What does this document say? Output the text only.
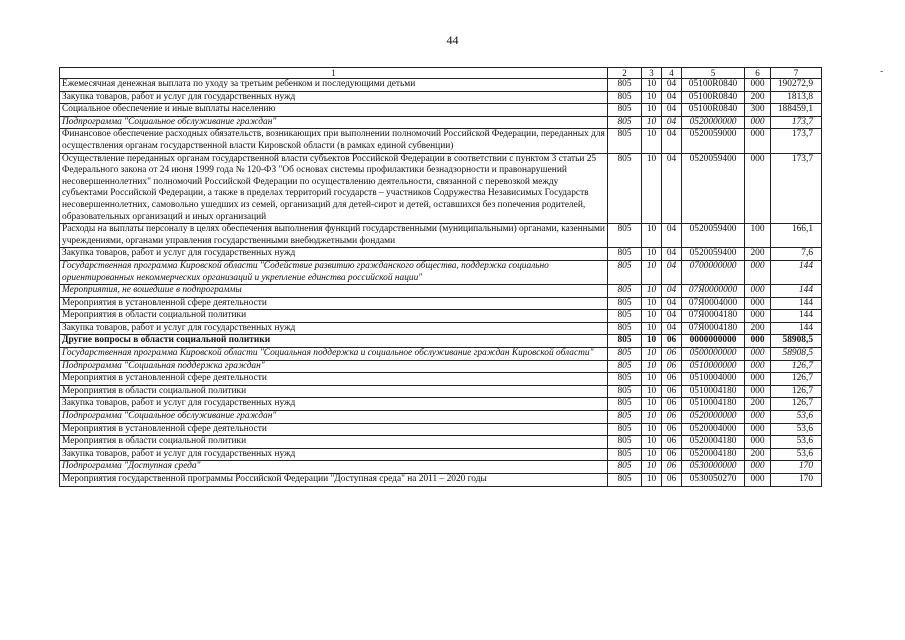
44
-
1	2	3	4	5	6	7
Ежемесячная денежная выплата по уходу за третьим ребенком и последующими детьми	805	10	04	05100R0840	000	190272,9
Закупка товаров, работ и услуг для государственных нужд	805	10	04	05100R0840	200	1813,8
Социальное обеспечение и иные выплаты населению	805	10	04	05100R0840	300	188459,1
Подпрограмма "Социальное обслуживание граждан"	805	10	04	0520000000	000	173,7
Финансовое обеспечение расходных обязательств, возникающих при выполнении полномочий Российской Федерации, переданных для осуществления органам государственной власти Кировской области (в рамках единой субвенции)	805	10	04	0520059000	000	173,7
Осуществление переданных органам государственной власти субъектов Российской Федерации в соответствии с пунктом 3 статьи 25 Федерального закона от 24 июня 1999 года № 120-ФЗ "Об основах системы профилактики безнадзорности и правонарушений несовершеннолетних" полномочий Российской Федерации по осуществлению деятельности, связанной с перевозкой между субъектами Российской Федерации, а также в пределах территорий государств – участников Содружества Независимых Государств несовершеннолетних, самовольно ушедших из семей, организаций для детей-сирот и детей, оставшихся без попечения родителей, образовательных организаций и иных организаций	805	10	04	0520059400	000	173,7
Расходы на выплаты персоналу в целях обеспечения выполнения функций государственными (муниципальными) органами, казенными учреждениями, органами управления государственными внебюджетными фондами	805	10	04	0520059400	100	166,1
Закупка товаров, работ и услуг для государственных нужд	805	10	04	0520059400	200	7,6
Государственная программа Кировской области "Содействие развитию гражданского общества, поддержка социально ориентированных некоммерческих организаций и укрепление единства российской нации"	805	10	04	0700000000	000	144
Мероприятия, не вошедшие в подпрограммы	805	10	04	07Я0000000	000	144
Мероприятия в установленной сфере деятельности	805	10	04	07Я0004000	000	144
Мероприятия в области социальной политики	805	10	04	07Я0004180	000	144
Закупка товаров, работ и услуг для государственных нужд	805	10	04	07Я0004180	200	144
Другие вопросы в области социальной политики	805	10	06	0000000000	000	58908,5
Государственная программа Кировской области "Социальная поддержка и социальное обслуживание граждан Кировской области"	805	10	06	0500000000	000	58908,5
Подпрограмма "Социальная поддержка граждан"	805	10	06	0510000000	000	126,7
Мероприятия в установленной сфере деятельности	805	10	06	0510004000	000	126,7
Мероприятия в области социальной политики	805	10	06	0510004180	000	126,7
Закупка товаров, работ и услуг для государственных нужд	805	10	06	0510004180	200	126,7
Подпрограмма "Социальное обслуживание граждан"	805	10	06	0520000000	000	53,6
Мероприятия в установленной сфере деятельности	805	10	06	0520004000	000	53,6
Мероприятия в области социальной политики	805	10	06	0520004180	000	53,6
Закупка товаров, работ и услуг для государственных нужд	805	10	06	0520004180	200	53,6
Подпрограмма "Доступная среда"	805	10	06	0530000000	000	170
Мероприятия государственной программы Российской Федерации "Доступная среда" на 2011 – 2020 годы	805	10	06	0530050270	000	170
